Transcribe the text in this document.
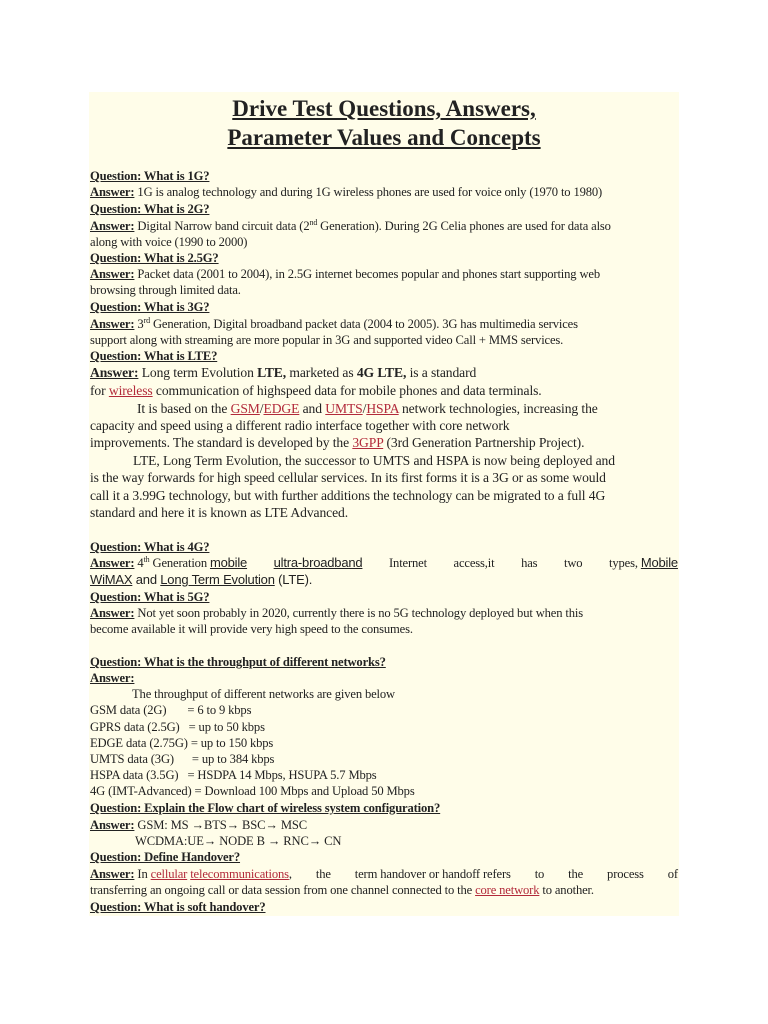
Drive Test Questions, Answers,
Parameter Values and Concepts
Question: What is 1G?
Answer: 1G is analog technology and during 1G wireless phones are used for voice only (1970 to 1980)
Question: What is 2G?
Answer: Digital Narrow band circuit data (2nd Generation). During 2G Celia phones are used for data also
along with voice (1990 to 2000)
Question: What is 2.5G?
Answer: Packet data (2001 to 2004), in 2.5G internet becomes popular and phones start supporting web
browsing through limited data.
Question: What is 3G?
Answer: 3rd Generation, Digital broadband packet data (2004 to 2005). 3G has multimedia services
support along with streaming are more popular in 3G and supported video Call + MMS services.
Question: What is LTE?
Answer: Long term Evolution LTE, marketed as 4G LTE, is a standard
for wireless communication of highspeed data for mobile phones and data terminals.
It is based on the GSM/EDGE and UMTS/HSPA network technologies, increasing the
capacity and speed using a different radio interface together with core network
improvements. The standard is developed by the 3GPP (3rd Generation Partnership Project).
LTE, Long Term Evolution, the successor to UMTS and HSPA is now being deployed and
is the way forwards for high speed cellular services. In its first forms it is a 3G or as some would
call it a 3.99G technology, but with further additions the technology can be migrated to a full 4G
standard and here it is known as LTE Advanced.
Question: What is 4G?
Answer: 4th Generation mobile ultra-broadband Internet access,it has two types, Mobile
WiMAX and Long Term Evolution (LTE).
Question: What is 5G?
Answer: Not yet soon probably in 2020, currently there is no 5G technology deployed but when this
become available it will provide very high speed to the consumes.
Question: What is the throughput of different networks?
Answer:
The throughput of different networks are given below
GSM data (2G)       = 6 to 9 kbps
GPRS data (2.5G)   = up to 50 kbps
EDGE data (2.75G) = up to 150 kbps
UMTS data (3G)      = up to 384 kbps
HSPA data (3.5G)   = HSDPA 14 Mbps, HSUPA 5.7 Mbps
4G (IMT-Advanced) = Download 100 Mbps and Upload 50 Mbps
Question: Explain the Flow chart of wireless system configuration?
Answer: GSM: MS →BTS→ BSC→ MSC
WCDMA:UE→ NODE B → RNC→ CN
Question: Define Handover?
Answer: In cellular telecommunications, the term handover or handoff refers to the process of
transferring an ongoing call or data session from one channel connected to the core network to another.
Question: What is soft handover?
